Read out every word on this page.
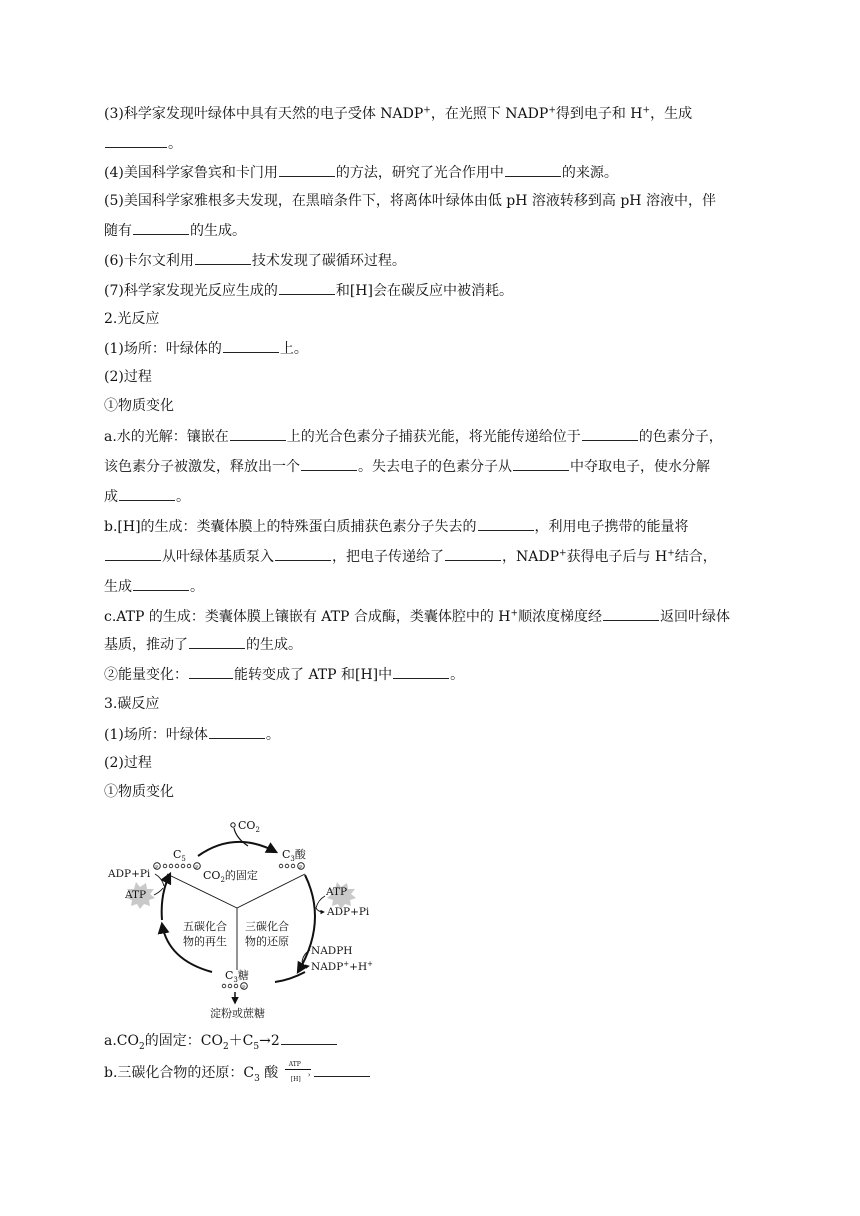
(3)科学家发现叶绿体中具有天然的电子受体 NADP+，在光照下 NADP+得到电子和 H+，生成
。
(4)美国科学家鲁宾和卡门用	的方法，研究了光合作用中	的来源。
(5)美国科学家雅根多夫发现，在黑暗条件下，将离体叶绿体由低 pH 溶液转移到高 pH 溶液中，伴
随有	的生成。
(6)卡尔文利用	技术发现了碳循环过程。
(7)科学家发现光反应生成的	和[H]会在碳反应中被消耗。
2.光反应
(1)场所：叶绿体的	上。
(2)过程
①物质变化
a.水的光解：镶嵌在	上的光合色素分子捕获光能，将光能传递给位于	的色素分子，
该色素分子被激发，释放出一个	。失去电子的色素分子从	中夺取电子，使水分解
成	。
b.[H]的生成：类囊体膜上的特殊蛋白质捕获色素分子失去的	，利用电子携带的能量将
从叶绿体基质泵入	，把电子传递给了	，NADP+获得电子后与 H+结合，
生成	。
c.ATP 的生成：类囊体膜上镶嵌有 ATP 合成酶，类囊体腔中的 H+顺浓度梯度经	返回叶绿体
基质，推动了	的生成。
②能量变化：	能转变成了 ATP 和[H]中	。
3.碳反应
(1)场所：叶绿体	。
(2)过程
①物质变化
$CO_2$
$C_5$
P	P
$C_3$酸
P
$CO_2$的固定
五碳化合
物的再生
三碳化合
物的还原
ADP+Pi
ATP	ATP
ADP+Pi
NADPH
NADP++H+
$C_3$糖
P
淀粉或蔗糖
$a.CO_2$的固定：$CO_2+C_5\to 2$
b.三碳化合物的还原：$C_3$ 酸
ATP
›
[H]
